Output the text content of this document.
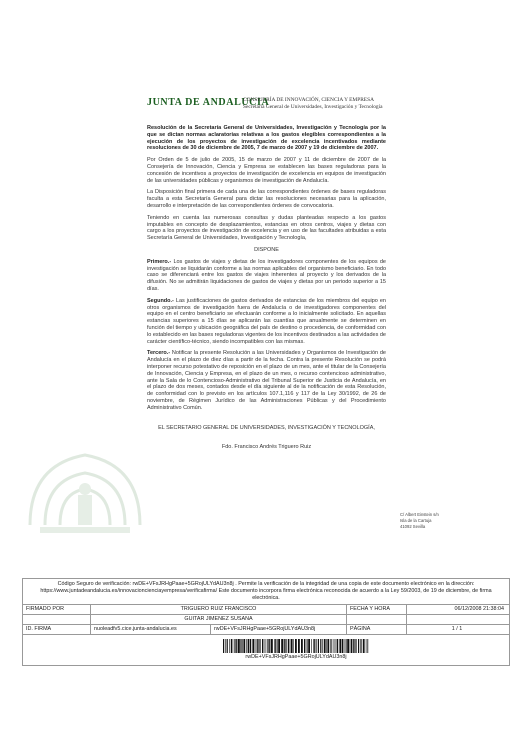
JUNTA DE ANDALUCIA
CONSEJERÍA DE INNOVACIÓN, CIENCIA Y EMPRESA
Secretaría General de Universidades, Investigación y Tecnología

Resolución de la Secretaría General de Universidades, Investigación y Tecnología por la que se dictan normas aclaratorias relativas a los gastos elegibles correspondientes a la ejecución de los proyectos de investigación de excelencia incentivados mediante resoluciones de 30 de diciembre de 2005, 7 de marzo de 2007 y 19 de diciembre de 2007.

Por Orden de 5 de julio de 2005, 15 de marzo de 2007 y 11 de diciembre de 2007 de la Consejería de Innovación, Ciencia y Empresa se establecen las bases reguladoras para la concesión de incentivos a proyectos de investigación de excelencia en equipos de investigación de las universidades públicas y organismos de investigación de Andalucía.

La Disposición final primera de cada una de las correspondientes órdenes de bases reguladoras faculta a esta Secretaría General para dictar las resoluciones necesarias para la aplicación, desarrollo e interpretación de las correspondientes órdenes de convocatoria.

Teniendo en cuenta las numerosas consultas y dudas planteadas respecto a los gastos imputables en concepto de desplazamientos, estancias en otros centros, viajes y dietas con cargo a los proyectos de investigación de excelencia y en uso de las facultades atribuidas a esta Secretaría General de Universidades, Investigación y Tecnología,

DISPONE

Primero.- Los gastos de viajes y dietas de los investigadores componentes de los equipos de investigación se liquidarán conforme a las normas aplicables del organismo beneficiario. En todo caso se diferenciará entre los gastos de viajes inherentes al proyecto y los derivados de la difusión. No se admitirán liquidaciones de gastos de viajes y dietas por un periodo superior a 15 días.

Segundo.- Las justificaciones de gastos derivados de estancias de los miembros del equipo en otros organismos de investigación fuera de Andalucía o de investigadores componentes del equipo en el centro beneficiario se efectuarán conforme a lo inicialmente solicitado. En aquellas estancias superiores a 15 días se aplicarán las cuantías que anualmente se determinen en función del tiempo y ubicación geográfica del país de destino o procedencia, de conformidad con lo establecido en las bases reguladoras vigentes de los incentivos destinados a las actividades de carácter científico-técnico, siendo incompatibles con las mismas.

Tercero.- Notificar la presente Resolución a las Universidades y Organismos de Investigación de Andalucía en el plazo de diez días a partir de la fecha. Contra la presente Resolución se podrá interponer recurso potestativo de reposición en el plazo de un mes, ante el titular de la Consejería de Innovación, Ciencia y Empresa, en el plazo de un mes, o recurso contencioso administrativo, ante la Sala de lo Contencioso-Administrativo del Tribunal Superior de Justicia de Andalucía, en el plazo de dos meses, contados desde el día siguiente al de la notificación de esta Resolución, de conformidad con lo previsto en los artículos 107.1,116 y 117 de la Ley 30/1992, de 26 de noviembre, de Régimen Jurídico de las Administraciones Públicas y del Procedimiento Administrativo Común.

EL SECRETARIO GENERAL DE UNIVERSIDADES, INVESTIGACIÓN Y TECNOLOGÍA,
Fdo. Francisco Andrés Triguero Ruiz
C/ Albert Einstein s/n
Isla de la Cartuja
41092 Sevilla
Código Seguro de verificación: rwDE+VFsJRHgPaae+5GRojULYdAU3n8j . Permite la verificación de la integridad de una copia de este documento electrónico en la dirección: https://www.juntadeandalucia.es/innovacioncienciayempresa/verificafirma/ Este documento incorpora firma electrónica reconocida de acuerdo a la Ley 59/2003, de 19 de diciembre, de firma electrónica.
FIRMADO POR	TRIGUERO RUIZ FRANCISCO	FECHA Y HORA	06/12/2008 21:38:04
GUITAR JIMENEZ SUSANA
ID. FIRMA	nuoleadfv5.cice.junta-andalucia.es	rwDE+VFsJRHgPaae+5GRojULYdAU3n8j	PÁGINA	1 / 1
rwDE+VFsJRHgPaae+5GRojULYdAU3n8j
